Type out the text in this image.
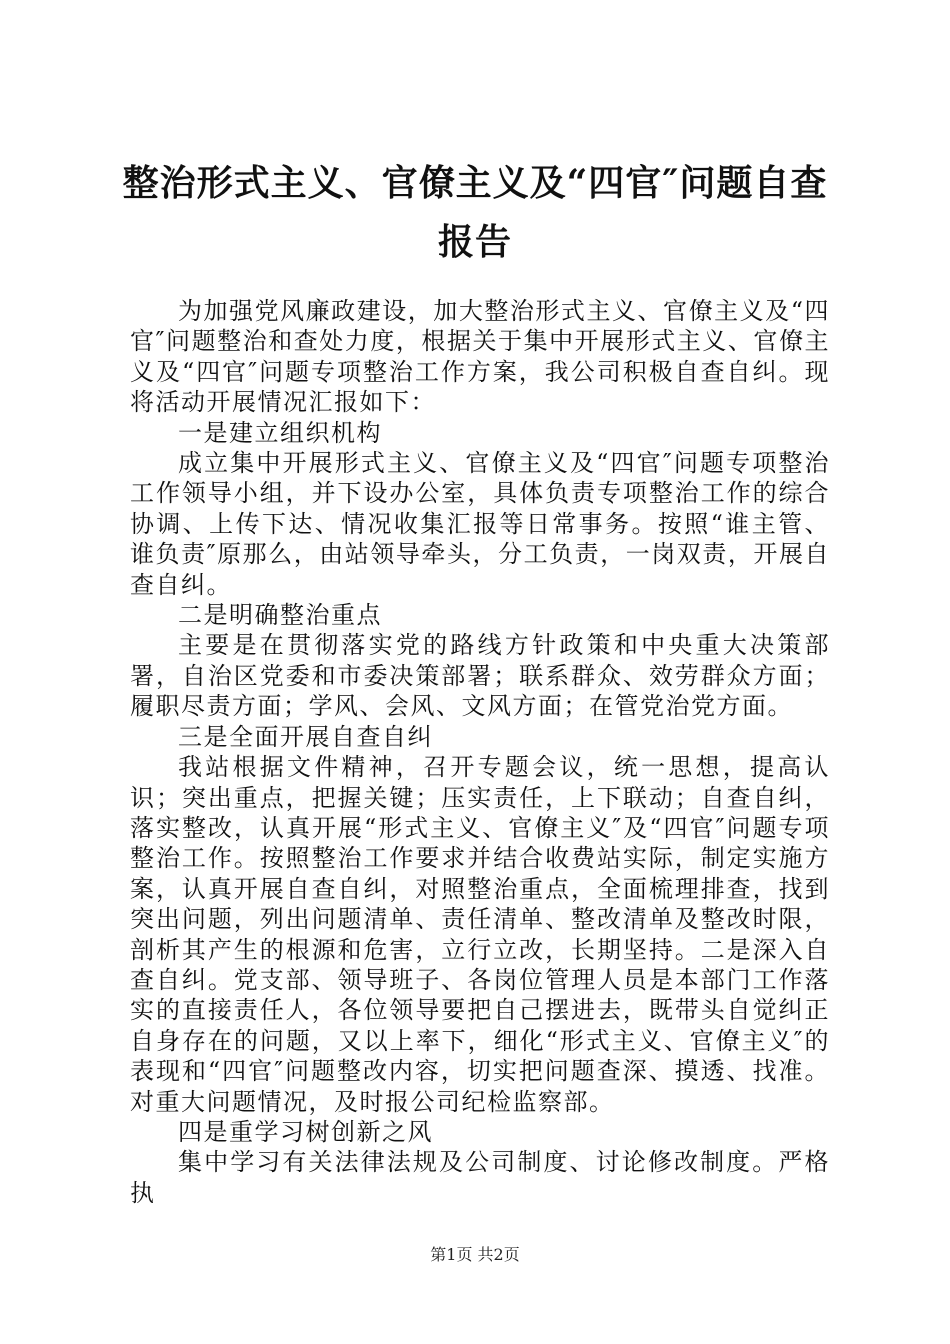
整治形式主义、官僚主义及“四官″问题自查
报告

为加强党风廉政建设，加大整治形式主义、官僚主义及“四官″问题整治和查处力度，根据关于集中开展形式主义、官僚主义及“四官″问题专项整治工作方案，我公司积极自查自纠。现将活动开展情况汇报如下：

一是建立组织机构

成立集中开展形式主义、官僚主义及“四官″问题专项整治工作领导小组，并下设办公室，具体负责专项整治工作的综合协调、上传下达、情况收集汇报等日常事务。按照“谁主管、谁负责″原那么，由站领导牵头，分工负责，一岗双责，开展自查自纠。

二是明确整治重点

主要是在贯彻落实党的路线方针政策和中央重大决策部署，自治区党委和市委决策部署；联系群众、效劳群众方面；履职尽责方面；学风、会风、文风方面；在管党治党方面。

三是全面开展自查自纠

我站根据文件精神，召开专题会议，统一思想，提高认识；突出重点，把握关键；压实责任，上下联动；自查自纠，落实整改，认真开展“形式主义、官僚主义″及“四官″问题专项整治工作。按照整治工作要求并结合收费站实际，制定实施方案，认真开展自查自纠，对照整治重点，全面梳理排查，找到突出问题，列出问题清单、责任清单、整改清单及整改时限，剖析其产生的根源和危害，立行立改，长期坚持。二是深入自查自纠。党支部、领导班子、各岗位管理人员是本部门工作落实的直接责任人，各位领导要把自己摆进去，既带头自觉纠正自身存在的问题，又以上率下，细化“形式主义、官僚主义″的表现和“四官″问题整改内容，切实把问题查深、摸透、找准。对重大问题情况，及时报公司纪检监察部。

四是重学习树创新之风

集中学习有关法律法规及公司制度、讨论修改制度。严格执

第1页 共2页
